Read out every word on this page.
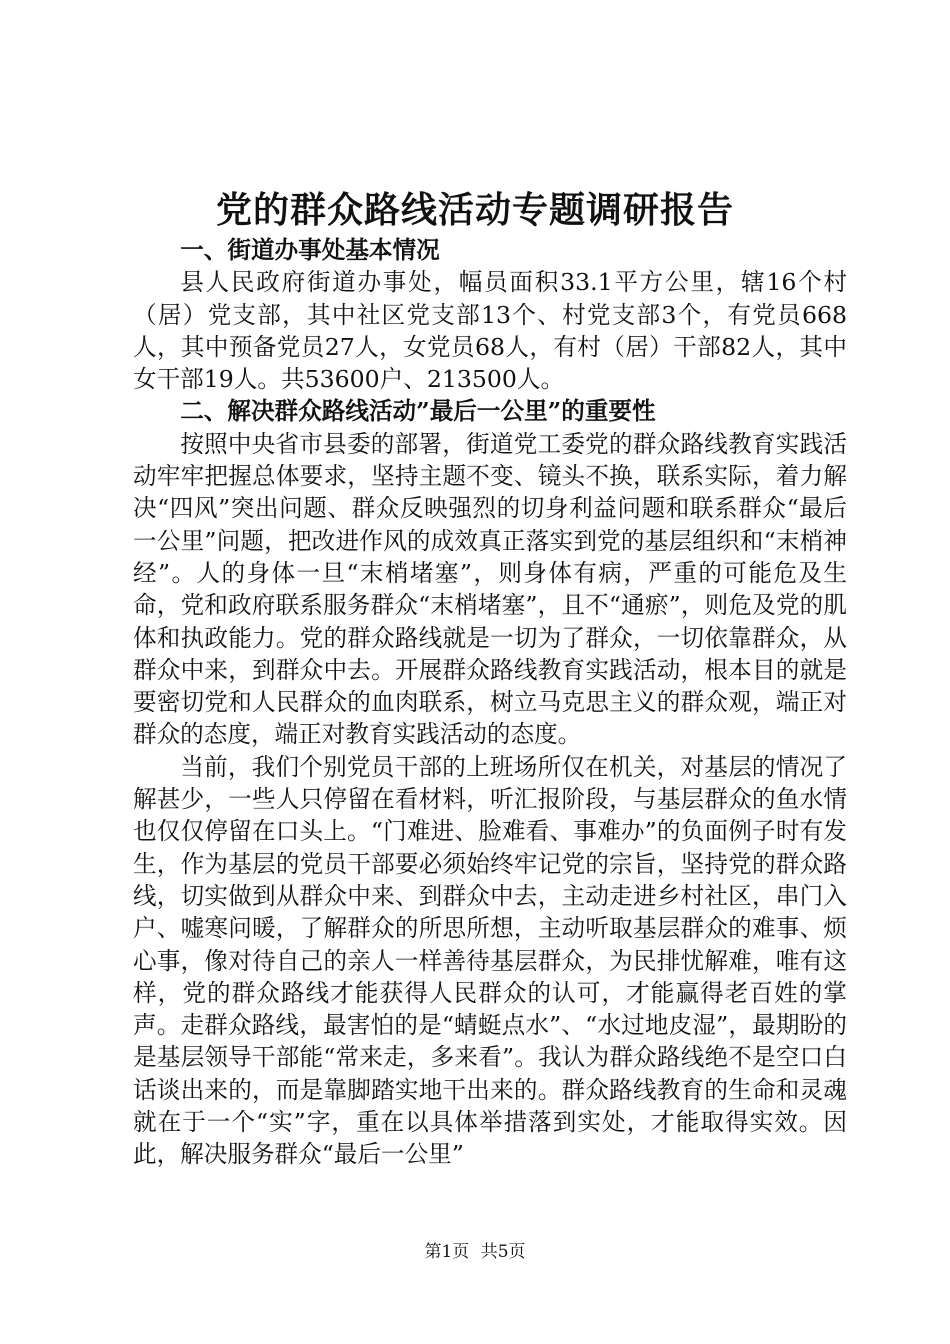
党的群众路线活动专题调研报告

一、街道办事处基本情况

县人民政府街道办事处，幅员面积33.1平方公里，辖16个村（居）党支部，其中社区党支部13个、村党支部3个，有党员668人，其中预备党员27人，女党员68人，有村（居）干部82人，其中女干部19人。共53600户、213500人。

二、解决群众路线活动”最后一公里”的重要性

按照中央省市县委的部署，街道党工委党的群众路线教育实践活动牢牢把握总体要求，坚持主题不变、镜头不换，联系实际，着力解决“四风”突出问题、群众反映强烈的切身利益问题和联系群众“最后一公里”问题，把改进作风的成效真正落实到党的基层组织和“末梢神经”。人的身体一旦“末梢堵塞”，则身体有病，严重的可能危及生命，党和政府联系服务群众“末梢堵塞”，且不“通瘀”，则危及党的肌体和执政能力。党的群众路线就是一切为了群众，一切依靠群众，从群众中来，到群众中去。开展群众路线教育实践活动，根本目的就是要密切党和人民群众的血肉联系，树立马克思主义的群众观，端正对群众的态度，端正对教育实践活动的态度。

当前，我们个别党员干部的上班场所仅在机关，对基层的情况了解甚少，一些人只停留在看材料，听汇报阶段，与基层群众的鱼水情也仅仅停留在口头上。“门难进、脸难看、事难办”的负面例子时有发生，作为基层的党员干部要必须始终牢记党的宗旨，坚持党的群众路线，切实做到从群众中来、到群众中去，主动走进乡村社区，串门入户、嘘寒问暖，了解群众的所思所想，主动听取基层群众的难事、烦心事，像对待自己的亲人一样善待基层群众，为民排忧解难，唯有这样，党的群众路线才能获得人民群众的认可，才能赢得老百姓的掌声。走群众路线，最害怕的是“蜻蜓点水”、“水过地皮湿”，最期盼的是基层领导干部能“常来走，多来看”。我认为群众路线绝不是空口白话谈出来的，而是靠脚踏实地干出来的。群众路线教育的生命和灵魂就在于一个“实”字，重在以具体举措落到实处，才能取得实效。因此，解决服务群众“最后一公里”

第1页 共5页
